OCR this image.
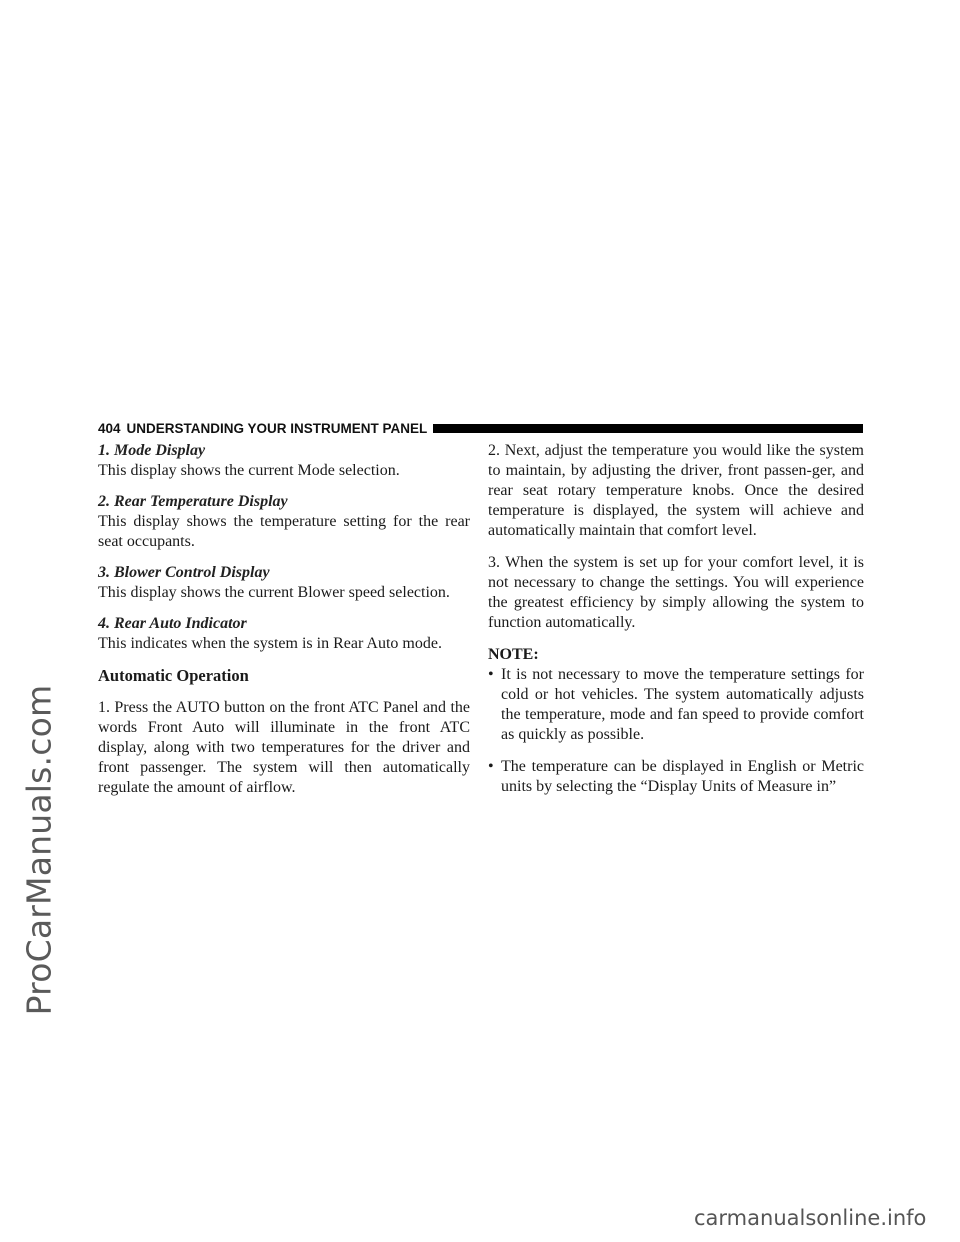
ProCarManuals.com
404 UNDERSTANDING YOUR INSTRUMENT PANEL
1. Mode Display

This display shows the current Mode selection.

2. Rear Temperature Display

This display shows the temperature setting for the rear seat occupants.

3. Blower Control Display

This display shows the current Blower speed selection.

4. Rear Auto Indicator

This indicates when the system is in Rear Auto mode.

Automatic Operation

1. Press the AUTO button on the front ATC Panel and the words Front Auto will illuminate in the front ATC display, along with two temperatures for the driver and front passenger. The system will then automatically regulate the amount of airflow.

2. Next, adjust the temperature you would like the system to maintain, by adjusting the driver, front passen-ger, and rear seat rotary temperature knobs. Once the desired temperature is displayed, the system will achieve and automatically maintain that comfort level.

3. When the system is set up for your comfort level, it is not necessary to change the settings. You will experience the greatest efficiency by simply allowing the system to function automatically.

NOTE:
• It is not necessary to move the temperature settings for cold or hot vehicles. The system automatically adjusts the temperature, mode and fan speed to provide comfort as quickly as possible.
• The temperature can be displayed in English or Metric units by selecting the “Display Units of Measure in”
carmanualsonline.info
